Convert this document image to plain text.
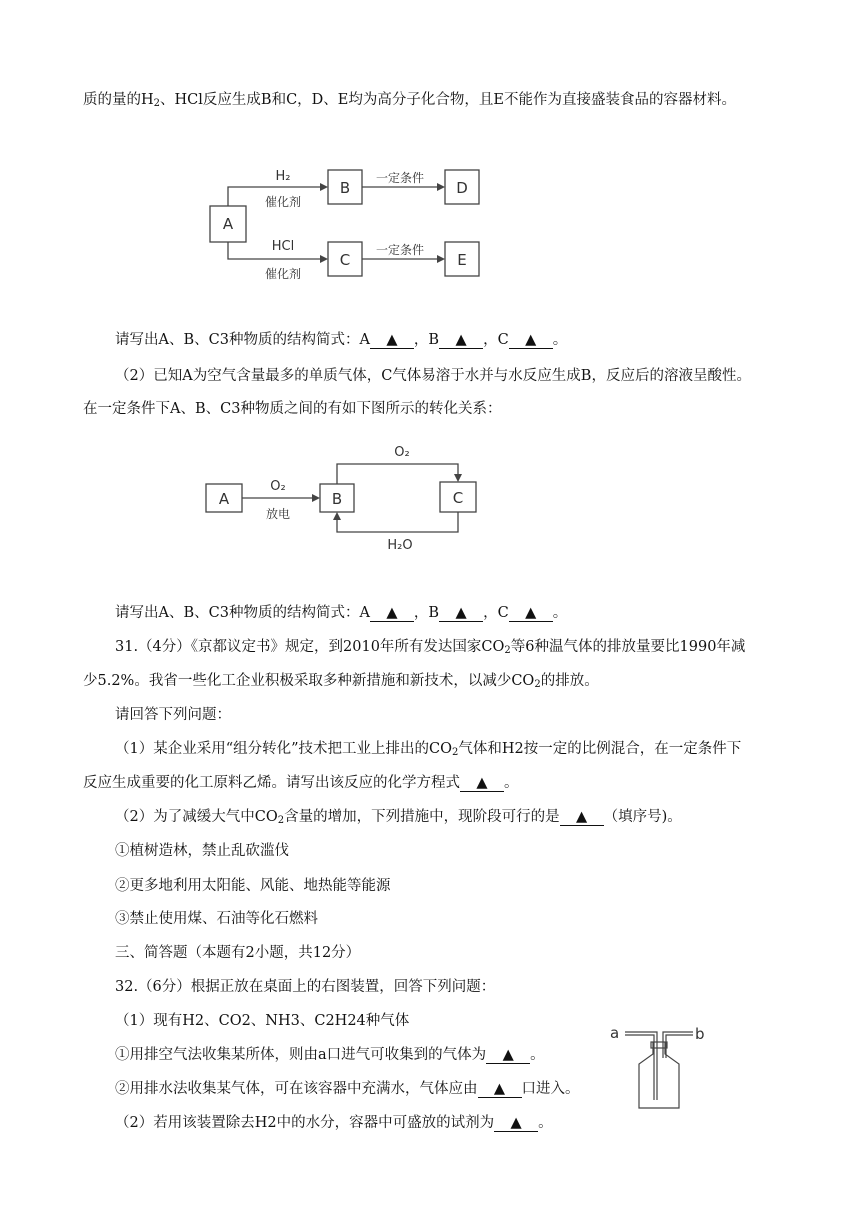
质的量的$H_2$、HCl反应生成B和C，D、E均为高分子化合物，且E不能作为直接盛装食品的容器材料。
A
B	D
C	E
H₂
催化剂
HCl
催化剂
一定条件
一定条件
请写出A、B、C3种物质的结构简式：A ▲ ，B ▲ ，C ▲ 。
（2）已知A为空气含量最多的单质气体，C气体易溶于水并与水反应生成B，反应后的溶液呈酸性。
在一定条件下A、B、C3种物质之间的有如下图所示的转化关系：
A	B	C
O₂
放电
O₂
H₂O
请写出A、B、C3种物质的结构简式：A ▲ ，B ▲ ，C ▲ 。
31.（4分）《京都议定书》规定，到2010年所有发达国家$CO_2$等6种温气体的排放量要比1990年减
少5.2%。我省一些化工企业积极采取多种新措施和新技术，以减少$CO_2$的排放。
请回答下列问题：
（1）某企业采用“组分转化”技术把工业上排出的$CO_2$气体和H2按一定的比例混合，在一定条件下
反应生成重要的化工原料乙烯。请写出该反应的化学方程式 ▲ 。
（2）为了减缓大气中$CO_2$含量的增加，下列措施中，现阶段可行的是 ▲ （填序号)。
①植树造林，禁止乱砍滥伐
②更多地利用太阳能、风能、地热能等能源
③禁止使用煤、石油等化石燃料
三、简答题（本题有2小题，共12分）
32.（6分）根据正放在桌面上的右图装置，回答下列问题：
（1）现有H2、CO2、NH3、C2H24种气体
①用排空气法收集某所体，则由a口进气可收集到的气体为 ▲ 。
②用排水法收集某气体，可在该容器中充满水，气体应由 ▲ 口进入。
（2）若用该装置除去H2中的水分，容器中可盛放的试剂为 ▲ 。
a	b
